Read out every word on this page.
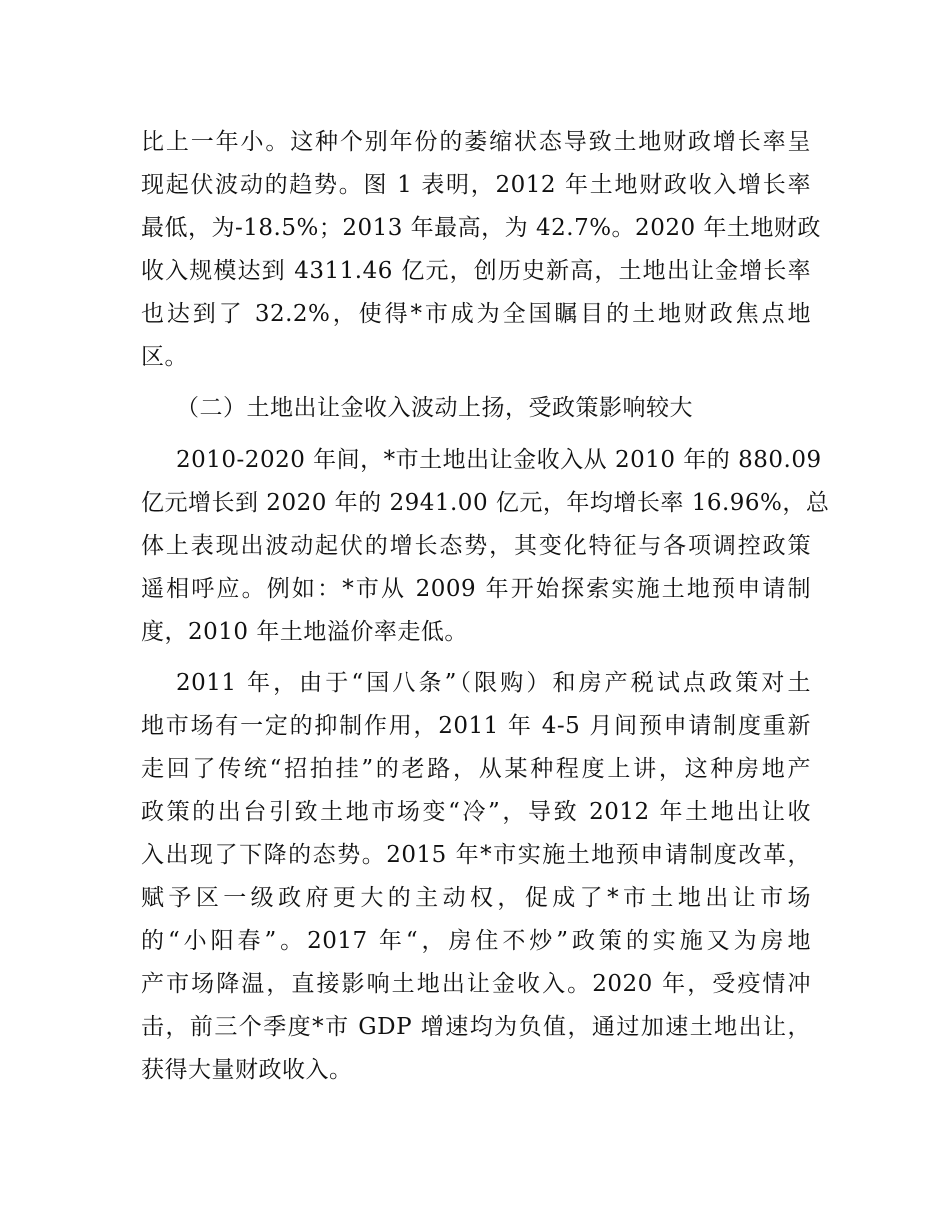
比上一年小。这种个别年份的萎缩状态导致土地财政增长率呈
现起伏波动的趋势。图 1 表明，2012 年土地财政收入增长率
最低，为-18.5%；2013 年最高，为 42.7%。2020 年土地财政
收入规模达到 4311.46 亿元，创历史新高，土地出让金增长率
也达到了 32.2%，使得*市成为全国瞩目的土地财政焦点地
区。
（二）土地出让金收入波动上扬，受政策影响较大
2010-2020 年间，*市土地出让金收入从 2010 年的 880.09
亿元增长到 2020 年的 2941.00 亿元，年均增长率 16.96%，总
体上表现出波动起伏的增长态势，其变化特征与各项调控政策
遥相呼应。例如：*市从 2009 年开始探索实施土地预申请制
度，2010 年土地溢价率走低。
2011 年，由于“国八条”（限购）和房产税试点政策对土
地市场有一定的抑制作用，2011 年 4-5 月间预申请制度重新
走回了传统“招拍挂”的老路，从某种程度上讲，这种房地产
政策的出台引致土地市场变“冷”，导致 2012 年土地出让收
入出现了下降的态势。2015 年*市实施土地预申请制度改革，
赋予区一级政府更大的主动权，促成了*市土地出让市场
的“小阳春”。2017 年“，房住不炒”政策的实施又为房地
产市场降温，直接影响土地出让金收入。2020 年，受疫情冲
击，前三个季度*市 GDP 增速均为负值，通过加速土地出让，
获得大量财政收入。
